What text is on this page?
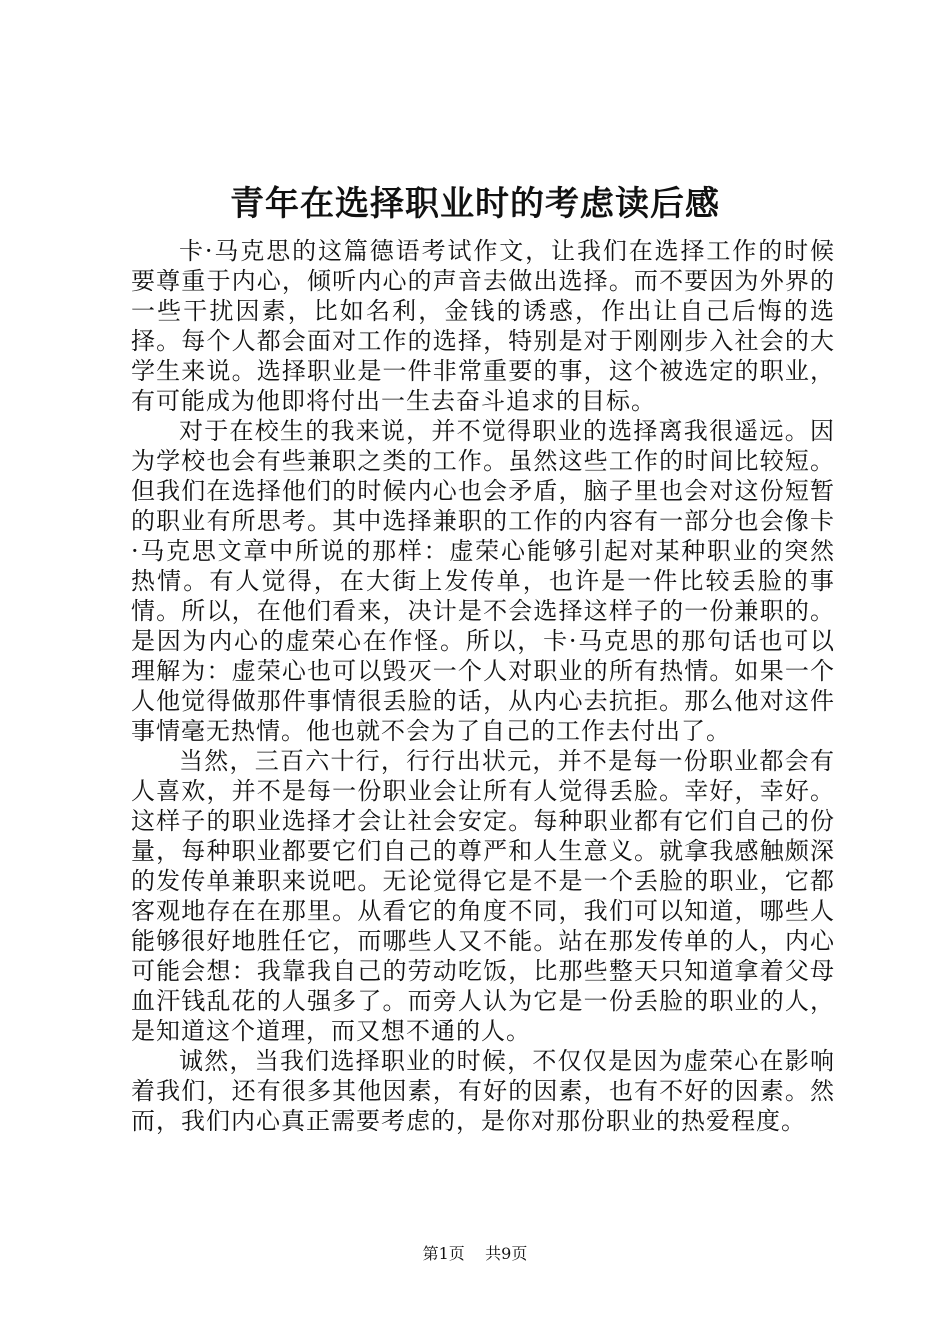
青年在选择职业时的考虑读后感

卡·马克思的这篇德语考试作文，让我们在选择工作的时候要尊重于内心，倾听内心的声音去做出选择。而不要因为外界的一些干扰因素，比如名利，金钱的诱惑，作出让自己后悔的选择。每个人都会面对工作的选择，特别是对于刚刚步入社会的大学生来说。选择职业是一件非常重要的事，这个被选定的职业，有可能成为他即将付出一生去奋斗追求的目标。

对于在校生的我来说，并不觉得职业的选择离我很遥远。因为学校也会有些兼职之类的工作。虽然这些工作的时间比较短。但我们在选择他们的时候内心也会矛盾，脑子里也会对这份短暂的职业有所思考。其中选择兼职的工作的内容有一部分也会像卡·马克思文章中所说的那样：虚荣心能够引起对某种职业的突然热情。有人觉得，在大街上发传单，也许是一件比较丢脸的事情。所以，在他们看来，决计是不会选择这样子的一份兼职的。是因为内心的虚荣心在作怪。所以，卡·马克思的那句话也可以理解为：虚荣心也可以毁灭一个人对职业的所有热情。如果一个人他觉得做那件事情很丢脸的话，从内心去抗拒。那么他对这件事情毫无热情。他也就不会为了自己的工作去付出了。

当然，三百六十行，行行出状元，并不是每一份职业都会有人喜欢，并不是每一份职业会让所有人觉得丢脸。幸好，幸好。这样子的职业选择才会让社会安定。每种职业都有它们自己的份量，每种职业都要它们自己的尊严和人生意义。就拿我感触颇深的发传单兼职来说吧。无论觉得它是不是一个丢脸的职业，它都客观地存在在那里。从看它的角度不同，我们可以知道，哪些人能够很好地胜任它，而哪些人又不能。站在那发传单的人，内心可能会想：我靠我自己的劳动吃饭，比那些整天只知道拿着父母血汗钱乱花的人强多了。而旁人认为它是一份丢脸的职业的人，是知道这个道理，而又想不通的人。

诚然，当我们选择职业的时候，不仅仅是因为虚荣心在影响着我们，还有很多其他因素，有好的因素，也有不好的因素。然而，我们内心真正需要考虑的，是你对那份职业的热爱程度。

第1页 共9页
